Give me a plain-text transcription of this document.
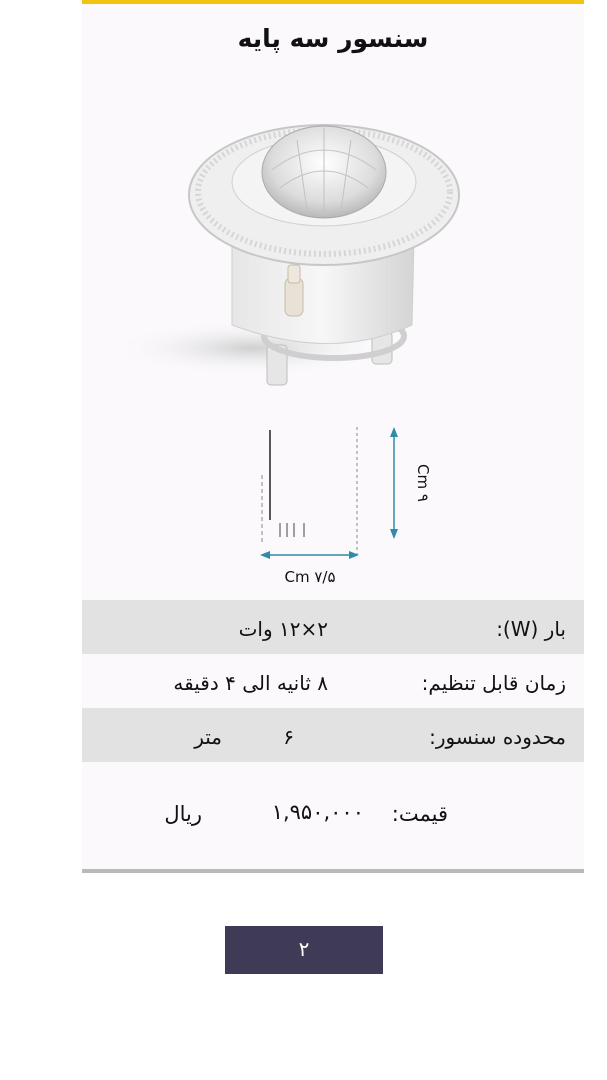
سنسور سه پایه
۹ Cm
۷/۵ Cm
بار (W):
۲×۱۲ وات
زمان قابل تنظیم:
۸ ثانیه الی ۴ دقیقه
محدوده سنسور:
۶
متر
قیمت:
۱,۹۵۰,۰۰۰
ریال
۲
